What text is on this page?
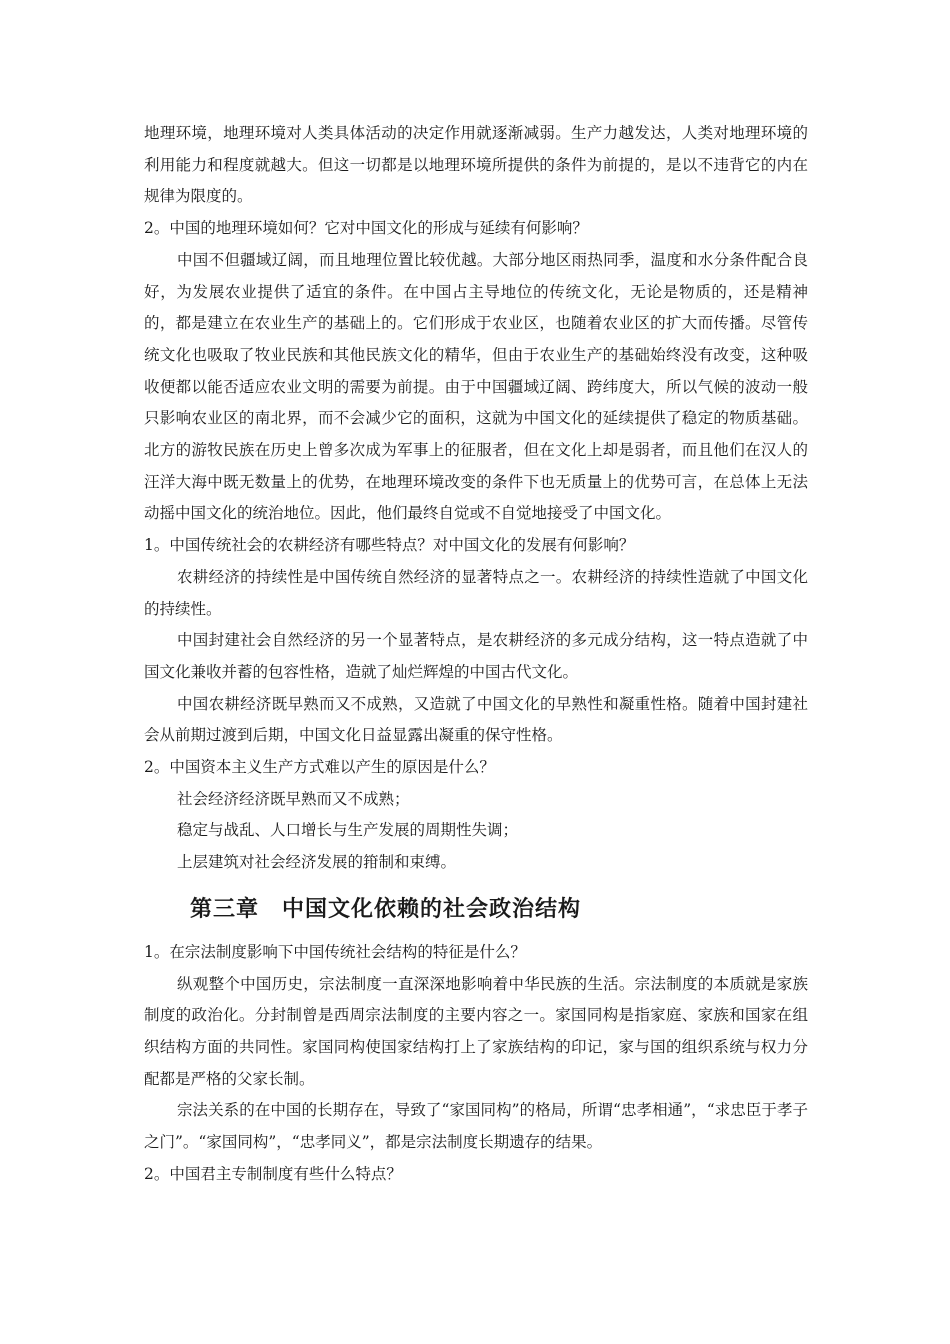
地理环境，地理环境对人类具体活动的决定作用就逐渐减弱。生产力越发达，人类对地理环境的利用能力和程度就越大。但这一切都是以地理环境所提供的条件为前提的，是以不违背它的内在规律为限度的。

2。中国的地理环境如何？它对中国文化的形成与延续有何影响？

中国不但疆域辽阔，而且地理位置比较优越。大部分地区雨热同季，温度和水分条件配合良好，为发展农业提供了适宜的条件。在中国占主导地位的传统文化，无论是物质的，还是精神的，都是建立在农业生产的基础上的。它们形成于农业区，也随着农业区的扩大而传播。尽管传统文化也吸取了牧业民族和其他民族文化的精华，但由于农业生产的基础始终没有改变，这种吸收便都以能否适应农业文明的需要为前提。由于中国疆域辽阔、跨纬度大，所以气候的波动一般只影响农业区的南北界，而不会减少它的面积，这就为中国文化的延续提供了稳定的物质基础。北方的游牧民族在历史上曾多次成为军事上的征服者，但在文化上却是弱者，而且他们在汉人的汪洋大海中既无数量上的优势，在地理环境改变的条件下也无质量上的优势可言，在总体上无法动摇中国文化的统治地位。因此，他们最终自觉或不自觉地接受了中国文化。

1。中国传统社会的农耕经济有哪些特点？对中国文化的发展有何影响？

农耕经济的持续性是中国传统自然经济的显著特点之一。农耕经济的持续性造就了中国文化的持续性。

中国封建社会自然经济的另一个显著特点，是农耕经济的多元成分结构，这一特点造就了中国文化兼收并蓄的包容性格，造就了灿烂辉煌的中国古代文化。

中国农耕经济既早熟而又不成熟，又造就了中国文化的早熟性和凝重性格。随着中国封建社会从前期过渡到后期，中国文化日益显露出凝重的保守性格。

2。中国资本主义生产方式难以产生的原因是什么？

社会经济经济既早熟而又不成熟；

稳定与战乱、人口增长与生产发展的周期性失调；

上层建筑对社会经济发展的箝制和束缚。

第三章　中国文化依赖的社会政治结构

1。在宗法制度影响下中国传统社会结构的特征是什么？

纵观整个中国历史，宗法制度一直深深地影响着中华民族的生活。宗法制度的本质就是家族制度的政治化。分封制曾是西周宗法制度的主要内容之一。家国同构是指家庭、家族和国家在组织结构方面的共同性。家国同构使国家结构打上了家族结构的印记，家与国的组织系统与权力分配都是严格的父家长制。

宗法关系的在中国的长期存在，导致了“家国同构”的格局，所谓“忠孝相通”，“求忠臣于孝子之门”。“家国同构”，“忠孝同义”，都是宗法制度长期遗存的结果。

2。中国君主专制制度有些什么特点？
